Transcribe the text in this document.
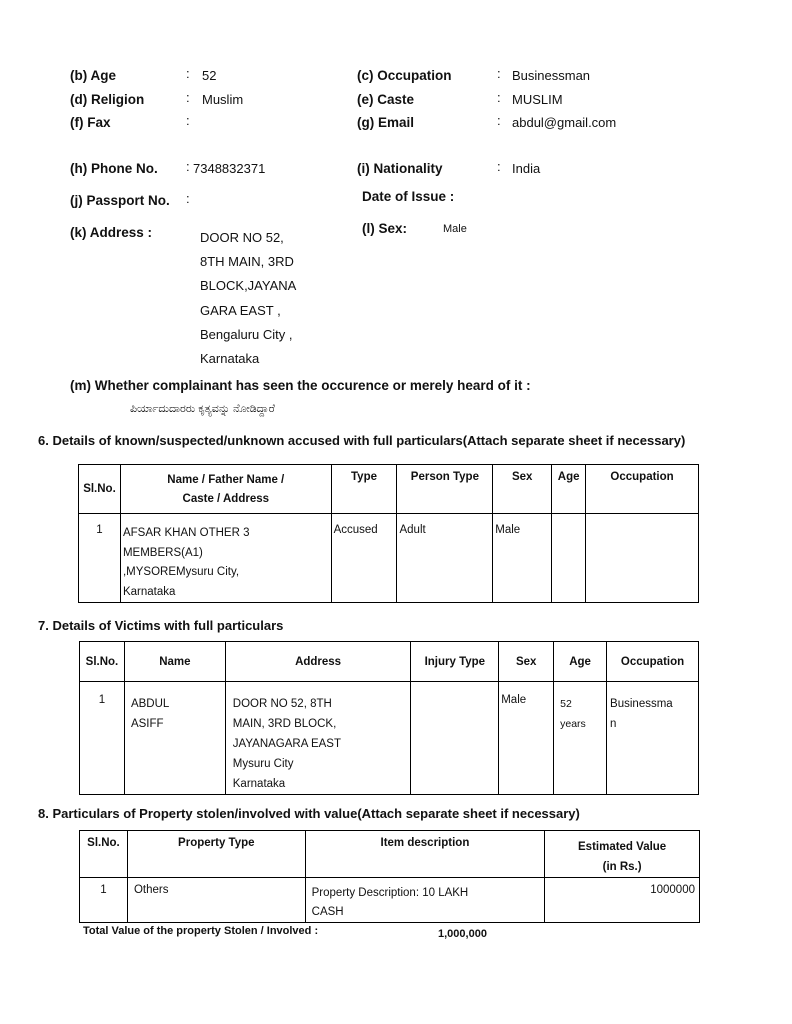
(b) Age	: 52	(c) Occupation	: Businessman
(d) Religion	: Muslim	(e) Caste	: MUSLIM
(f) Fax	:	(g) Email	: abdul@gmail.com
(h) Phone No. : 7348832371	(i) Nationality	: India
(j) Passport No. :	Date of Issue :
(k) Address :	DOOR NO 52,
8TH MAIN, 3RD
BLOCK,JAYANA
GARA EAST ,
Bengaluru City ,
Karnataka
(l) Sex:	Male
(m) Whether complainant has seen the occurence or merely heard of it :
ಪಿರ್ಯಾದುದಾರರು ಕೃತ್ಯವನ್ನು ನೋಡಿದ್ದಾರೆ
6. Details of known/suspected/unknown accused with full particulars(Attach separate sheet if necessary)
Sl.No.	Name / Father Name /
Caste / Address	Type	Person Type	Sex	Age	Occupation
1	AFSAR KHAN OTHER 3
MEMBERS(A1)
,MYSOREMysuru City,
Karnataka	Accused	Adult	Male		
7. Details of Victims with full particulars
Sl.No.	Name	Address	Injury Type	Sex	Age	Occupation
1	ABDUL
ASIFF	DOOR NO 52, 8TH
MAIN, 3RD BLOCK,
JAYANAGARA EAST
Mysuru City
Karnataka		Male	52
years	Businessma
n
8. Particulars of Property stolen/involved with value(Attach separate sheet if necessary)
Sl.No.	Property Type	Item description	Estimated Value
(in Rs.)
1	Others	Property Description: 10 LAKH
CASH	1000000
Total Value of the property Stolen / Involved :	1,000,000
